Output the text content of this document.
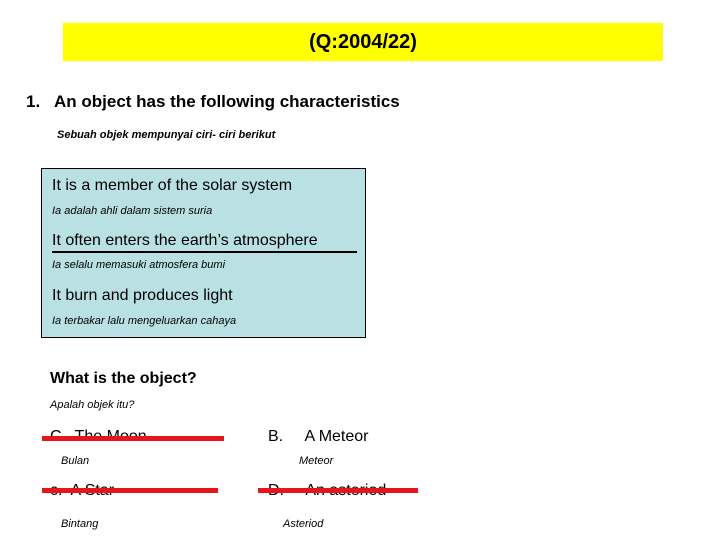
(Q:2004/22)
1. An object has the following characteristics
Sebuah objek mempunyai ciri- ciri berikut
It is a member of the solar system
Ia adalah ahli dalam sistem suria
It often enters the earth’s atmosphere
Ia selalu memasuki atmosfera bumi
It burn and produces light
Ia terbakar lalu mengeluarkan cahaya
What is the object?
Apalah objek itu?
Bulan
B.     A Meteor
Meteor
Bintang	Asteriod
